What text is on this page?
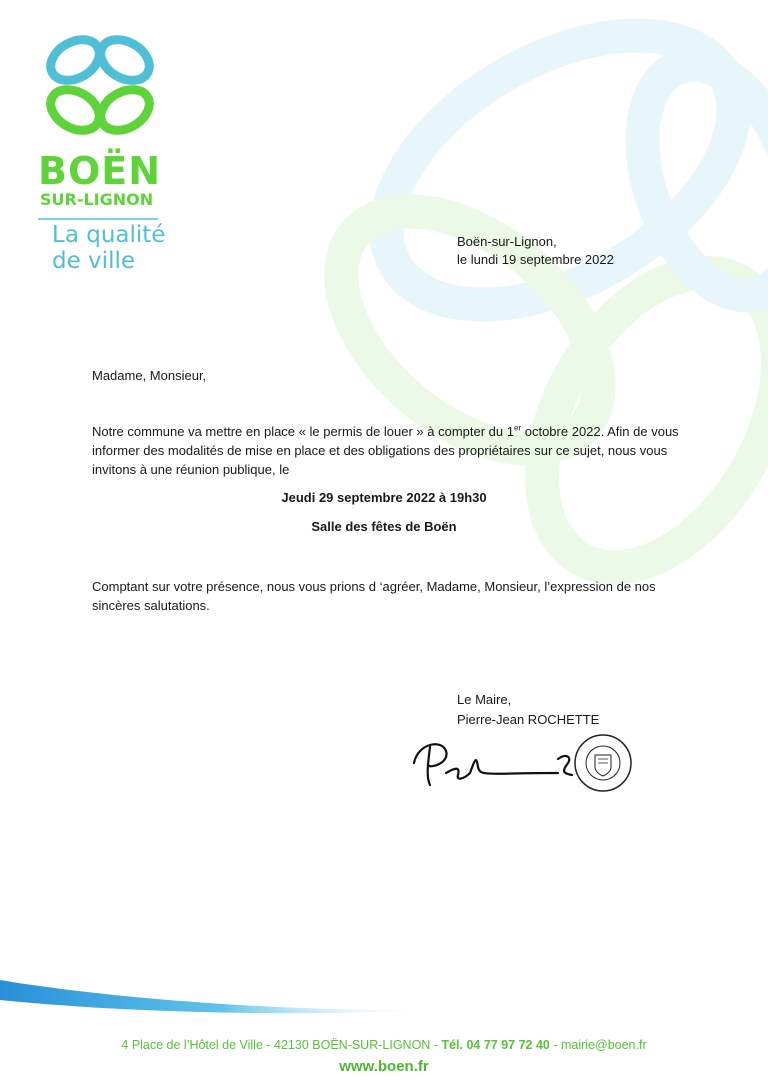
BOËN
SUR-LIGNON
La qualité
de ville
Boën-sur-Lignon,
le lundi 19 septembre 2022
Madame, Monsieur,
Notre commune va mettre en place « le permis de louer » à compter du 1er octobre 2022. Afin de vous informer des modalités de mise en place et des obligations des propriétaires sur ce sujet, nous vous invitons à une réunion publique, le
Jeudi 29 septembre 2022 à 19h30
Salle des fêtes de Boën
Comptant sur votre présence, nous vous prions d ‘agréer, Madame, Monsieur, l’expression de nos sincères salutations.
Le Maire,
Pierre-Jean ROCHETTE
4 Place de l’Hôtel de Ville - 42130 BOËN-SUR-LIGNON - Tél. 04 77 97 72 40 - mairie@boen.fr
www.boen.fr
